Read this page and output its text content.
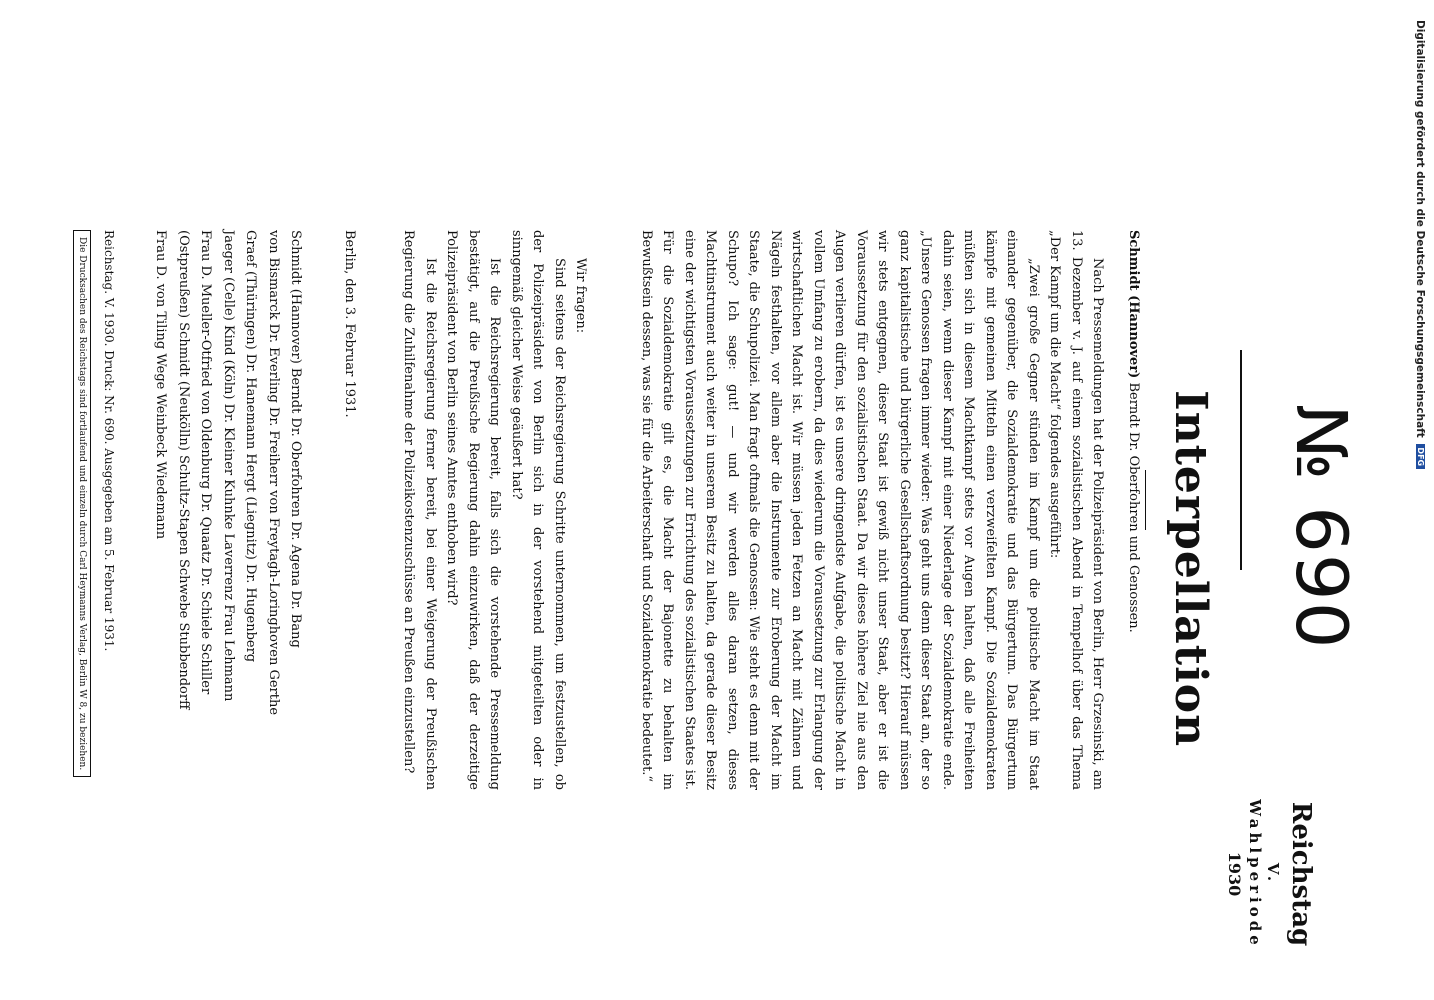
№ 690
Reichstag
V. Wahlperiode
1930
Interpellation

Schmidt (Hannover) Berndt Dr. Oberfohren und Genossen.

Nach Pressemeldungen hat der Polizeipräsident von Berlin, Herr Grzesinski, am 13. Dezember v. J. auf einem sozialistischen Abend in Tempelhof über das Thema „Der Kampf um die Macht“ folgendes ausgeführt:

„Zwei große Gegner stünden im Kampf um die politische Macht im Staat einander gegenüber, die Sozialdemokratie und das Bürgertum. Das Bürgertum kämpfe mit gemeinen Mitteln einen verzweifelten Kampf. Die Sozialdemokraten müßten sich in diesem Machtkampf stets vor Augen halten, daß alle Freiheiten dahin seien, wenn dieser Kampf mit einer Niederlage der Sozialdemokratie ende. „Unsere Genossen fragen immer wieder: Was geht uns denn dieser Staat an, der so ganz kapitalistische und bürgerliche Gesellschaftsordnung besitzt? Hierauf müssen wir stets entgegnen, dieser Staat ist gewiß nicht unser Staat, aber er ist die Voraussetzung für den sozialistischen Staat. Da wir dieses höhere Ziel nie aus den Augen verlieren dürfen, ist es unsere dringendste Aufgabe, die politische Macht in vollem Umfang zu erobern, da dies wiederum die Voraussetzung zur Erlangung der wirtschaftlichen Macht ist. Wir müssen jeden Fetzen an Macht mit Zähnen und Nägeln festhalten, vor allem aber die Instrumente zur Eroberung der Macht im Staate, die Schupolizei. Man fragt oftmals die Genossen: Wie steht es denn mit der Schupo? Ich sage: gut! — und wir werden alles daran setzen, dieses Machtinstrument auch weiter in unserem Besitz zu halten, da gerade dieser Besitz eine der wichtigsten Voraussetzungen zur Errichtung des sozialistischen Staates ist. Für die Sozialdemokratie gilt es, die Macht der Bajonette zu behalten im Bewußtsein dessen, was sie für die Arbeiterschaft und Sozialdemokratie bedeutet.“

Wir fragen:

Sind seitens der Reichsregierung Schritte unternommen, um festzustellen, ob der Polizeipräsident von Berlin sich in der vorstehend mitgeteilten oder in sinngemäß gleicher Weise geäußert hat?

Ist die Reichsregierung bereit, falls sich die vorstehende Pressemeldung bestätigt, auf die Preußische Regierung dahin einzuwirken, daß der derzeitige Polizeipräsident von Berlin seines Amtes enthoben wird?

Ist die Reichsregierung ferner bereit, bei einer Weigerung der Preußischen Regierung die Zuhilfenahme der Polizeikostenzuschüsse an Preußen einzustellen?

Berlin, den 3. Februar 1931.

Schmidt (Hannover) Berndt Dr. Oberfohren Dr. Agena Dr. Bang
von Bismarck Dr. Everling Dr. Freiherr von Freytagh-Loringhoven Gerthe
Graef (Thüringen) Dr. Hanemann Hergt (Liegnitz) Dr. Hugenberg
Jaeger (Celle) Kind (Köln) Dr. Kleiner Kuhnke Laverrenz Frau Lehmann
Frau D. Mueller-Otfried von Oldenburg Dr. Quaatz Dr. Schiele Schiller
(Ostpreußen) Schmidt (Neukölln) Schultz-Stapen Schwebe Stubbendorff
Frau D. von Tiling Wege Weinbeck Wiedemann
Reichstag. V. 1930. Druck: Nr. 690. Ausgegeben am 5. Februar 1931.
Die Drucksachen des Reichstags sind fortlaufend und einzeln durch Carl Heymanns Verlag, Berlin W 8, zu beziehen.
Digitalisierung gefördert durch die Deutsche Forschungsgemeinschaft DFG
